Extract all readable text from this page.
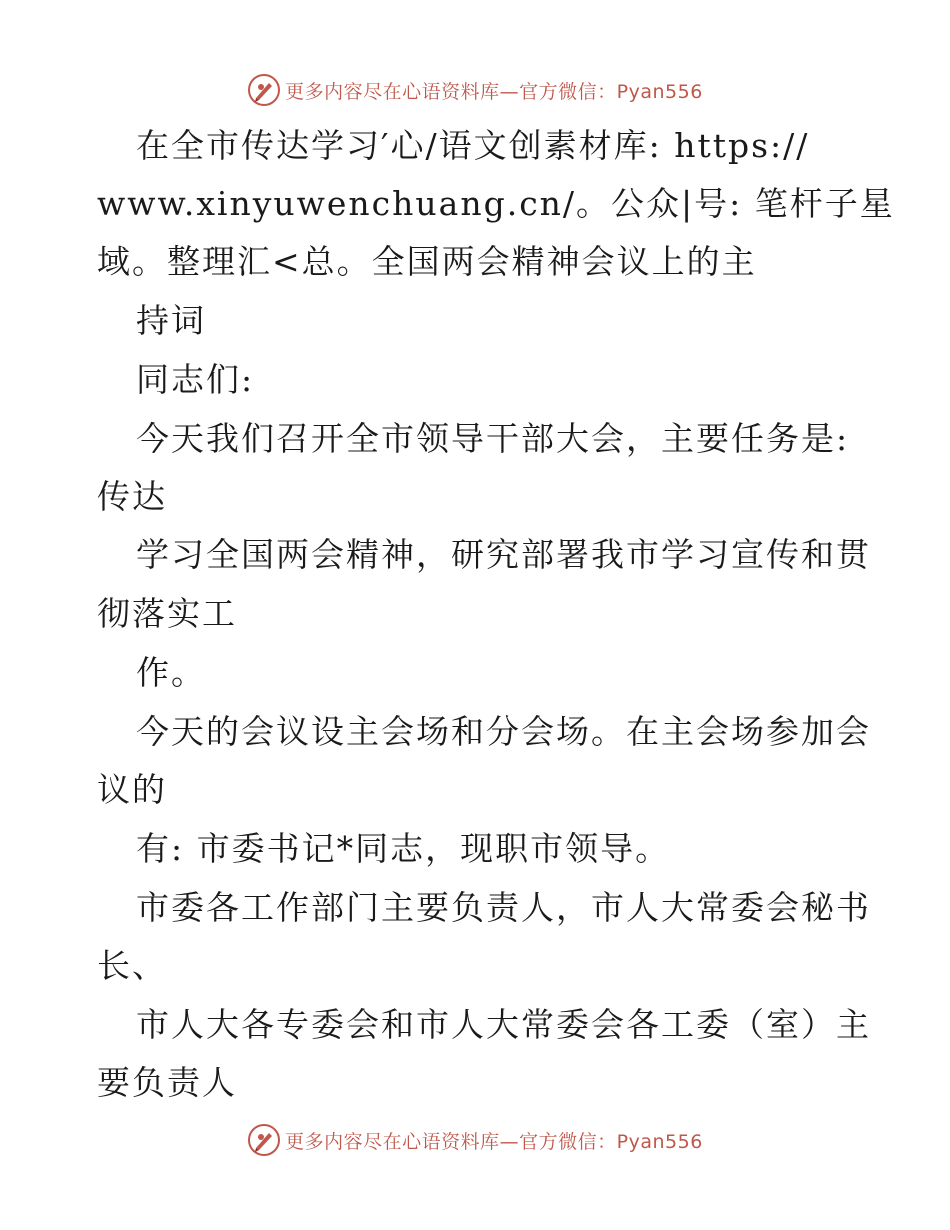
更多内容尽在心语资料库—官方微信：Pyan556
在全市传达学习′心/语文创素材库: https://
www.xinyuwenchuang.cn/。公众|号: 笔杆子星
域。整理汇<总。全国两会精神会议上的主
持词
同志们:
今天我们召开全市领导干部大会，主要任务是:
传达
学习全国两会精神，研究部署我市学习宣传和贯
彻落实工
作。
今天的会议设主会场和分会场。在主会场参加会
议的
有: 市委书记*同志，现职市领导。
市委各工作部门主要负责人，市人大常委会秘书
长、
市人大各专委会和市人大常委会各工委（室）主
要负责人
更多内容尽在心语资料库—官方微信：Pyan556
